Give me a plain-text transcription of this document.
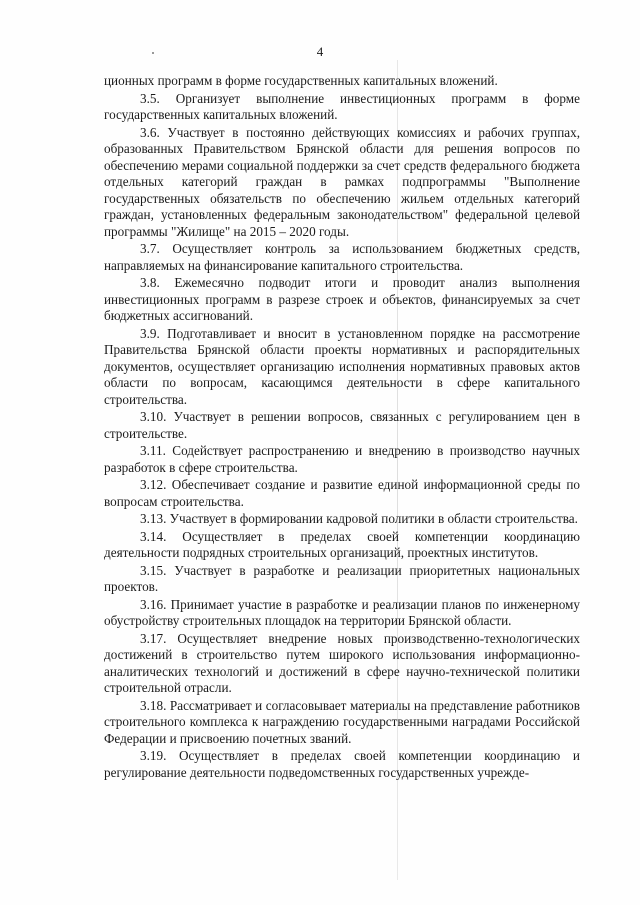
4

ционных программ в форме государственных капитальных вложений.

3.5. Организует выполнение инвестиционных программ в форме государственных капитальных вложений.

3.6. Участвует в постоянно действующих комиссиях и рабочих группах, образованных Правительством Брянской области для решения вопросов по обеспечению мерами социальной поддержки за счет средств федерального бюджета отдельных категорий граждан в рамках подпрограммы "Выполнение государственных обязательств по обеспечению жильем отдельных категорий граждан, установленных федеральным законодательством" федеральной целевой программы "Жилище" на 2015 – 2020 годы.

3.7. Осуществляет контроль за использованием бюджетных средств, направляемых на финансирование капитального строительства.

3.8. Ежемесячно подводит итоги и проводит анализ выполнения инвестиционных программ в разрезе строек и объектов, финансируемых за счет бюджетных ассигнований.

3.9. Подготавливает и вносит в установленном порядке на рассмотрение Правительства Брянской области проекты нормативных и распорядительных документов, осуществляет организацию исполнения нормативных правовых актов области по вопросам, касающимся деятельности в сфере капитального строительства.

3.10. Участвует в решении вопросов, связанных с регулированием цен в строительстве.

3.11. Содействует распространению и внедрению в производство научных разработок в сфере строительства.

3.12. Обеспечивает создание и развитие единой информационной среды по вопросам строительства.

3.13. Участвует в формировании кадровой политики в области строительства.

3.14. Осуществляет в пределах своей компетенции координацию деятельности подрядных строительных организаций, проектных институтов.

3.15. Участвует в разработке и реализации приоритетных национальных проектов.

3.16. Принимает участие в разработке и реализации планов по инженерному обустройству строительных площадок на территории Брянской области.

3.17. Осуществляет внедрение новых производственно-технологических достижений в строительство путем широкого использования информационно-аналитических технологий и достижений в сфере научно-технической политики строительной отрасли.

3.18. Рассматривает и согласовывает материалы на представление работников строительного комплекса к награждению государственными наградами Российской Федерации и присвоению почетных званий.

3.19. Осуществляет в пределах своей компетенции координацию и регулирование деятельности подведомственных государственных учрежде-
